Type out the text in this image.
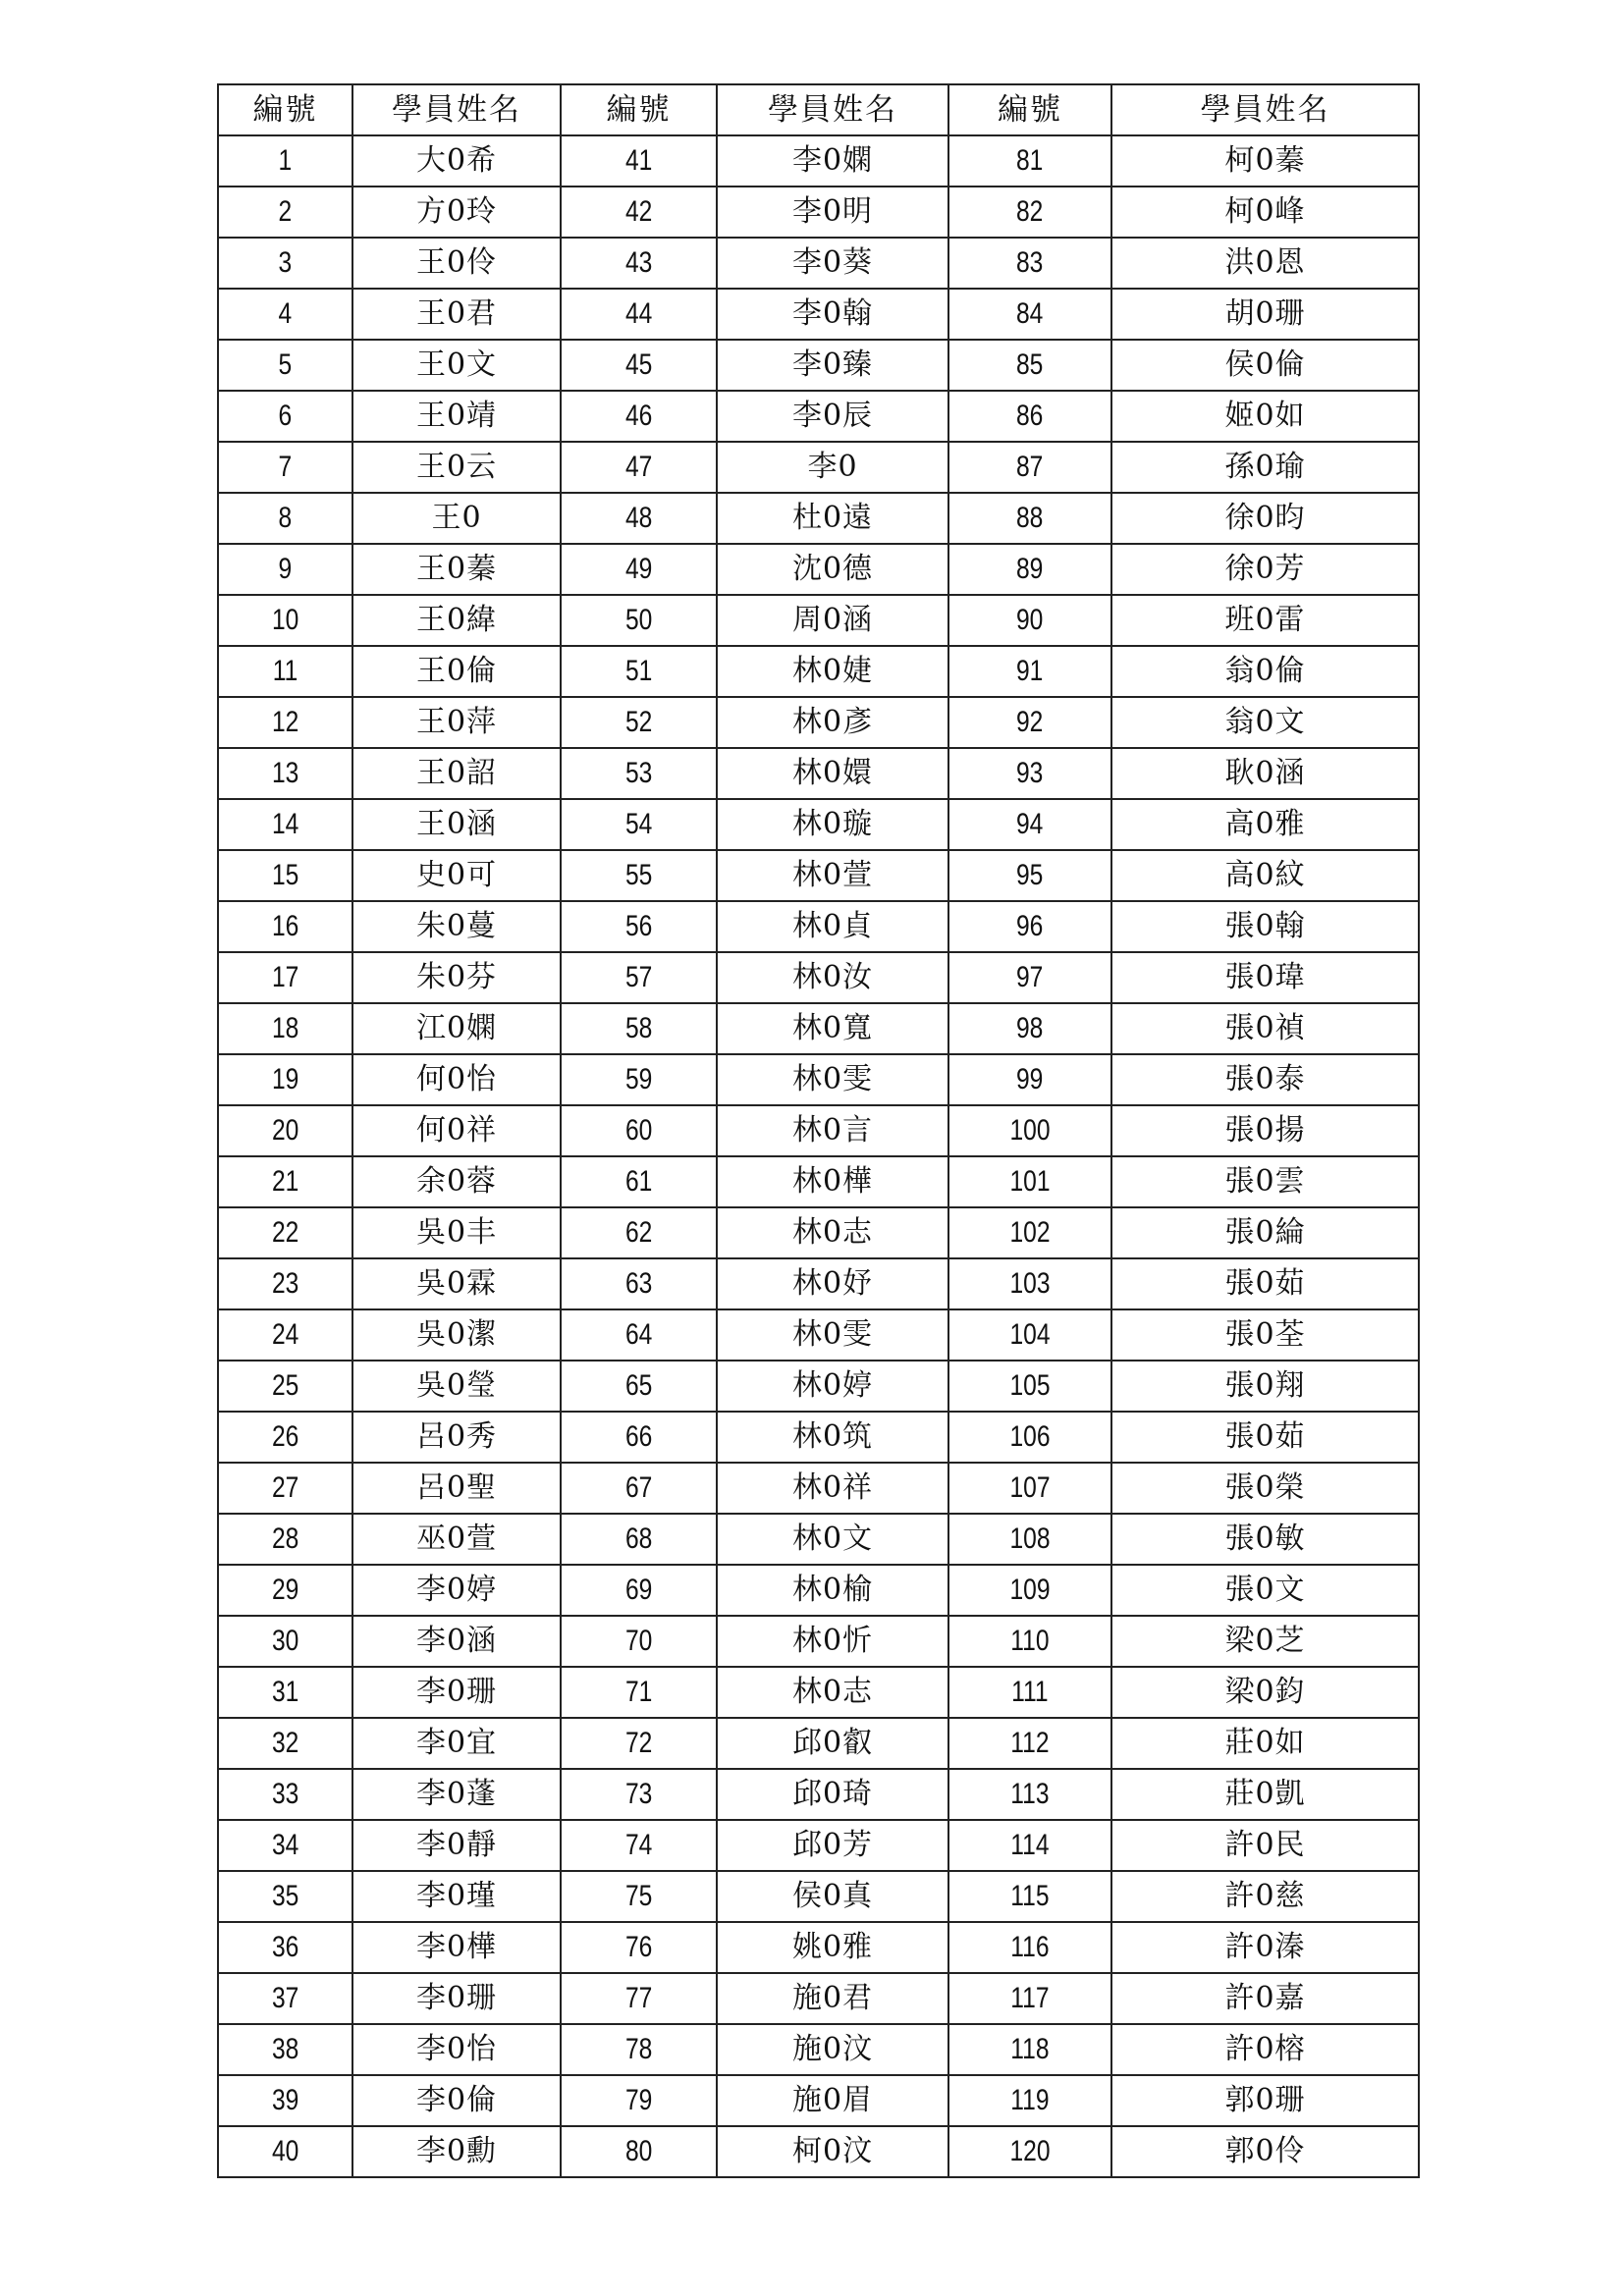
編號	學員姓名	編號	學員姓名	編號	學員姓名
1	大0希	41	李0嫻	81	柯0蓁
2	方0玲	42	李0明	82	柯0峰
3	王0伶	43	李0葵	83	洪0恩
4	王0君	44	李0翰	84	胡0珊
5	王0文	45	李0臻	85	侯0倫
6	王0靖	46	李0辰	86	姬0如
7	王0云	47	李0	87	孫0瑜
8	王0	48	杜0遠	88	徐0昀
9	王0蓁	49	沈0德	89	徐0芳
10	王0緯	50	周0涵	90	班0雷
11	王0倫	51	林0婕	91	翁0倫
12	王0萍	52	林0彥	92	翁0文
13	王0詔	53	林0嬛	93	耿0涵
14	王0涵	54	林0璇	94	高0雅
15	史0可	55	林0萱	95	高0紋
16	朱0蔓	56	林0貞	96	張0翰
17	朱0芬	57	林0汝	97	張0瑋
18	江0嫻	58	林0寬	98	張0禎
19	何0怡	59	林0雯	99	張0泰
20	何0祥	60	林0言	100	張0揚
21	余0蓉	61	林0樺	101	張0雲
22	吳0丰	62	林0志	102	張0綸
23	吳0霖	63	林0妤	103	張0茹
24	吳0潔	64	林0雯	104	張0荃
25	吳0瑩	65	林0婷	105	張0翔
26	呂0秀	66	林0筑	106	張0茹
27	呂0聖	67	林0祥	107	張0榮
28	巫0萱	68	林0文	108	張0敏
29	李0婷	69	林0榆	109	張0文
30	李0涵	70	林0忻	110	梁0芝
31	李0珊	71	林0志	111	梁0鈞
32	李0宜	72	邱0叡	112	莊0如
33	李0蓬	73	邱0琦	113	莊0凱
34	李0靜	74	邱0芳	114	許0民
35	李0瑾	75	侯0真	115	許0慈
36	李0樺	76	姚0雅	116	許0溱
37	李0珊	77	施0君	117	許0嘉
38	李0怡	78	施0汶	118	許0榕
39	李0倫	79	施0眉	119	郭0珊
40	李0勳	80	柯0汶	120	郭0伶
